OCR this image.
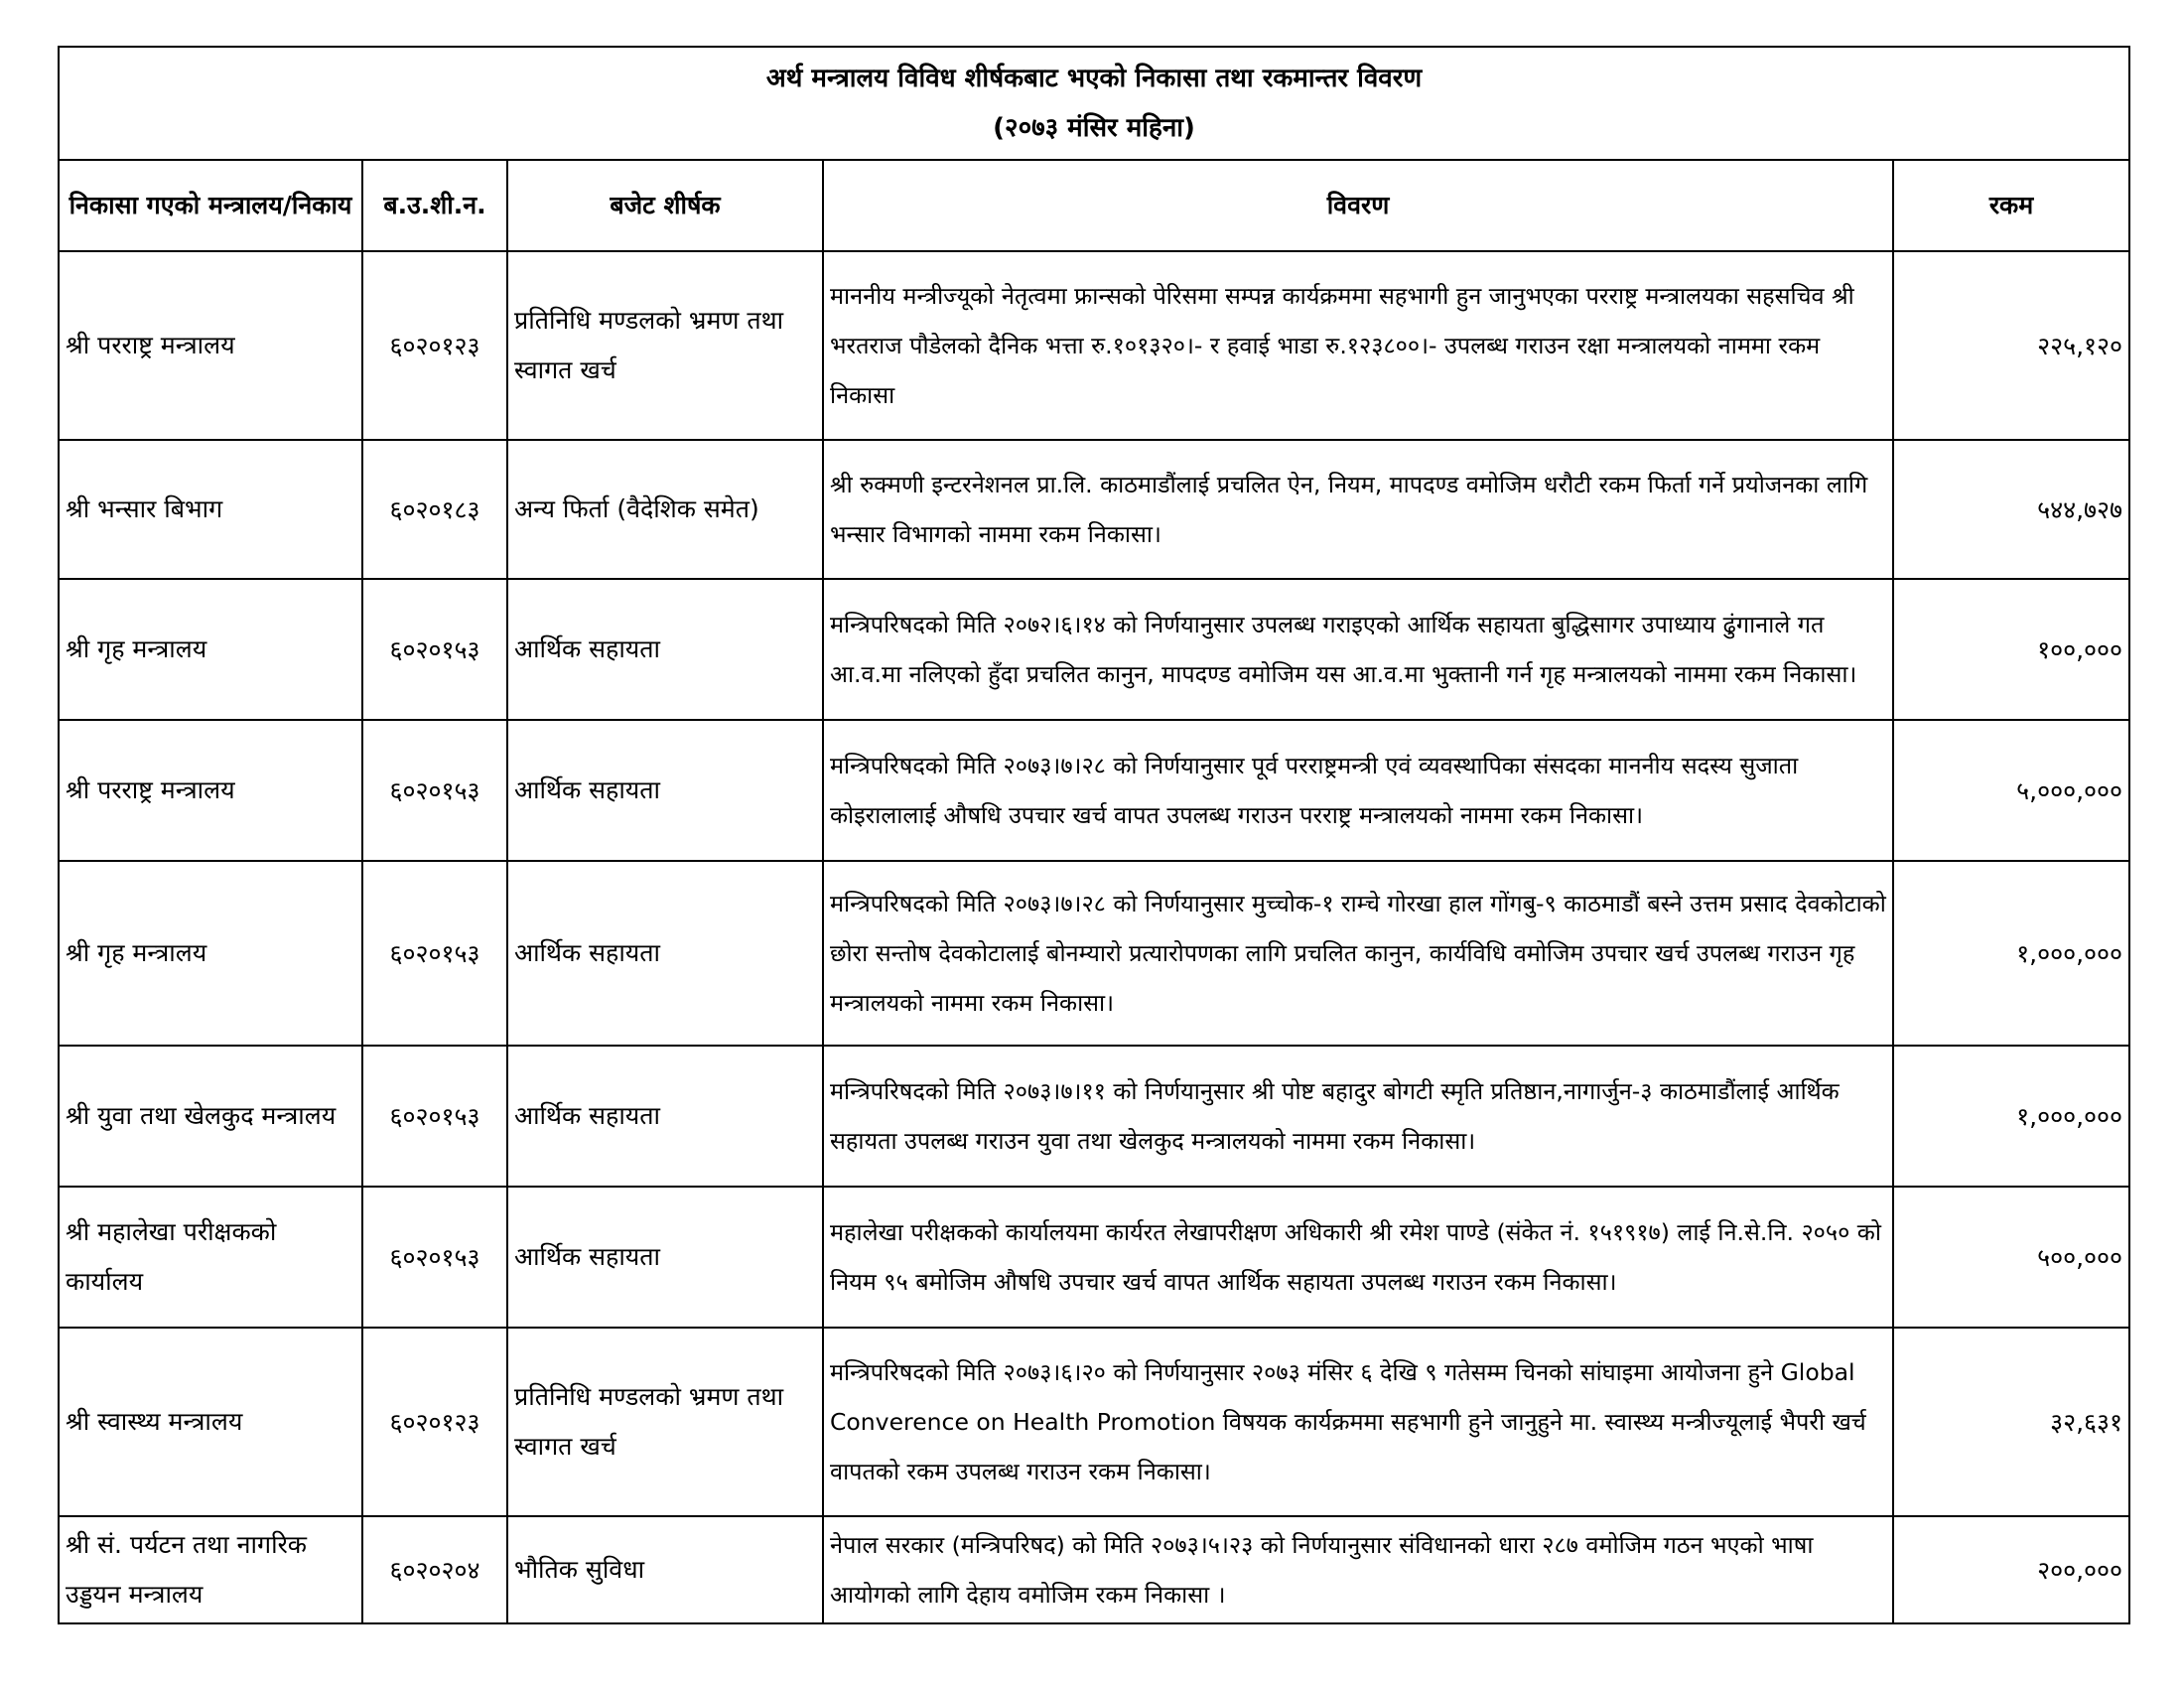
अर्थ मन्त्रालय विविध शीर्षकबाट भएको निकासा तथा रकमान्तर विवरण
(२०७३ मंसिर महिना)				

निकासा गएको मन्त्रालय/निकाय	ब.उ.शी.न.	बजेट शीर्षक	विवरण	रकम
श्री परराष्ट्र मन्त्रालय	६०२०१२३	प्रतिनिधि मण्डलको भ्रमण तथा स्वागत खर्च	माननीय मन्त्रीज्यूको नेतृत्वमा फ्रान्सको पेरिसमा सम्पन्न कार्यक्रममा सहभागी हुन जानुभएका परराष्ट्र मन्त्रालयका सहसचिव श्री भरतराज पौडेलको दैनिक भत्ता रु.१०१३२०।- र हवाई भाडा रु.१२३८००।- उपलब्ध गराउन रक्षा मन्त्रालयको नाममा रकम निकासा	२२५,१२०
श्री भन्सार बिभाग	६०२०१८३	अन्य फिर्ता (वैदेशिक समेत)	श्री रुक्मणी इन्टरनेशनल प्रा.लि. काठमाडौंलाई प्रचलित ऐन, नियम, मापदण्ड वमोजिम धरौटी रकम फिर्ता गर्ने प्रयोजनका लागि भन्सार विभागको नाममा रकम निकासा।	५४४,७२७
श्री गृह मन्त्रालय	६०२०१५३	आर्थिक सहायता	मन्त्रिपरिषदको मिति २०७२।६।१४ को निर्णयानुसार उपलब्ध गराइएको आर्थिक सहायता बुद्धिसागर उपाध्याय ढुंगानाले गत आ.व.मा नलिएको हुँदा प्रचलित कानुन, मापदण्ड वमोजिम यस आ.व.मा भुक्तानी गर्न गृह मन्त्रालयको नाममा रकम निकासा।	१००,०००
श्री परराष्ट्र मन्त्रालय	६०२०१५३	आर्थिक सहायता	मन्त्रिपरिषदको मिति २०७३।७।२८ को निर्णयानुसार पूर्व परराष्ट्रमन्त्री एवं व्यवस्थापिका संसदका माननीय सदस्य सुजाता कोइरालालाई औषधि उपचार खर्च वापत उपलब्ध गराउन परराष्ट्र मन्त्रालयको नाममा रकम निकासा।	५,०००,०००
श्री गृह मन्त्रालय	६०२०१५३	आर्थिक सहायता	मन्त्रिपरिषदको मिति २०७३।७।२८ को निर्णयानुसार मुच्चोक-१ राम्चे गोरखा हाल गोंगबु-९ काठमाडौं बस्ने उत्तम प्रसाद देवकोटाको छोरा सन्तोष देवकोटालाई बोनम्यारो प्रत्यारोपणका लागि प्रचलित कानुन, कार्यविधि वमोजिम उपचार खर्च उपलब्ध गराउन गृह मन्त्रालयको नाममा रकम निकासा।	१,०००,०००
श्री युवा तथा खेलकुद मन्त्रालय	६०२०१५३	आर्थिक सहायता	मन्त्रिपरिषदको मिति २०७३।७।११ को निर्णयानुसार श्री पोष्ट बहादुर बोगटी स्मृति प्रतिष्ठान,नागार्जुन-३ काठमाडौंलाई आर्थिक सहायता उपलब्ध गराउन युवा तथा खेलकुद मन्त्रालयको नाममा रकम निकासा।	१,०००,०००
श्री महालेखा परीक्षकको कार्यालय	६०२०१५३	आर्थिक सहायता	महालेखा परीक्षकको कार्यालयमा कार्यरत लेखापरीक्षण अधिकारी श्री रमेश पाण्डे (संकेत नं. १५१९१७) लाई नि.से.नि. २०५० को नियम ९५ बमोजिम औषधि उपचार खर्च वापत आर्थिक सहायता उपलब्ध गराउन रकम निकासा।	५००,०००
श्री स्वास्थ्य मन्त्रालय	६०२०१२३	प्रतिनिधि मण्डलको भ्रमण तथा स्वागत खर्च	मन्त्रिपरिषदको मिति २०७३।६।२० को निर्णयानुसार २०७३ मंसिर ६ देखि ९ गतेसम्म चिनको सांघाइमा आयोजना हुने Global Converence on Health Promotion विषयक कार्यक्रममा सहभागी हुने जानुहुने मा. स्वास्थ्य मन्त्रीज्यूलाई भैपरी खर्च वापतको रकम उपलब्ध गराउन रकम निकासा।	३२,६३१
श्री सं. पर्यटन तथा नागरिक उड्डयन मन्त्रालय	६०२०२०४	भौतिक सुविधा	नेपाल सरकार (मन्त्रिपरिषद) को मिति २०७३।५।२३ को निर्णयानुसार संविधानको धारा २८७ वमोजिम गठन भएको भाषा आयोगको लागि देहाय वमोजिम रकम निकासा ।	२००,०००
